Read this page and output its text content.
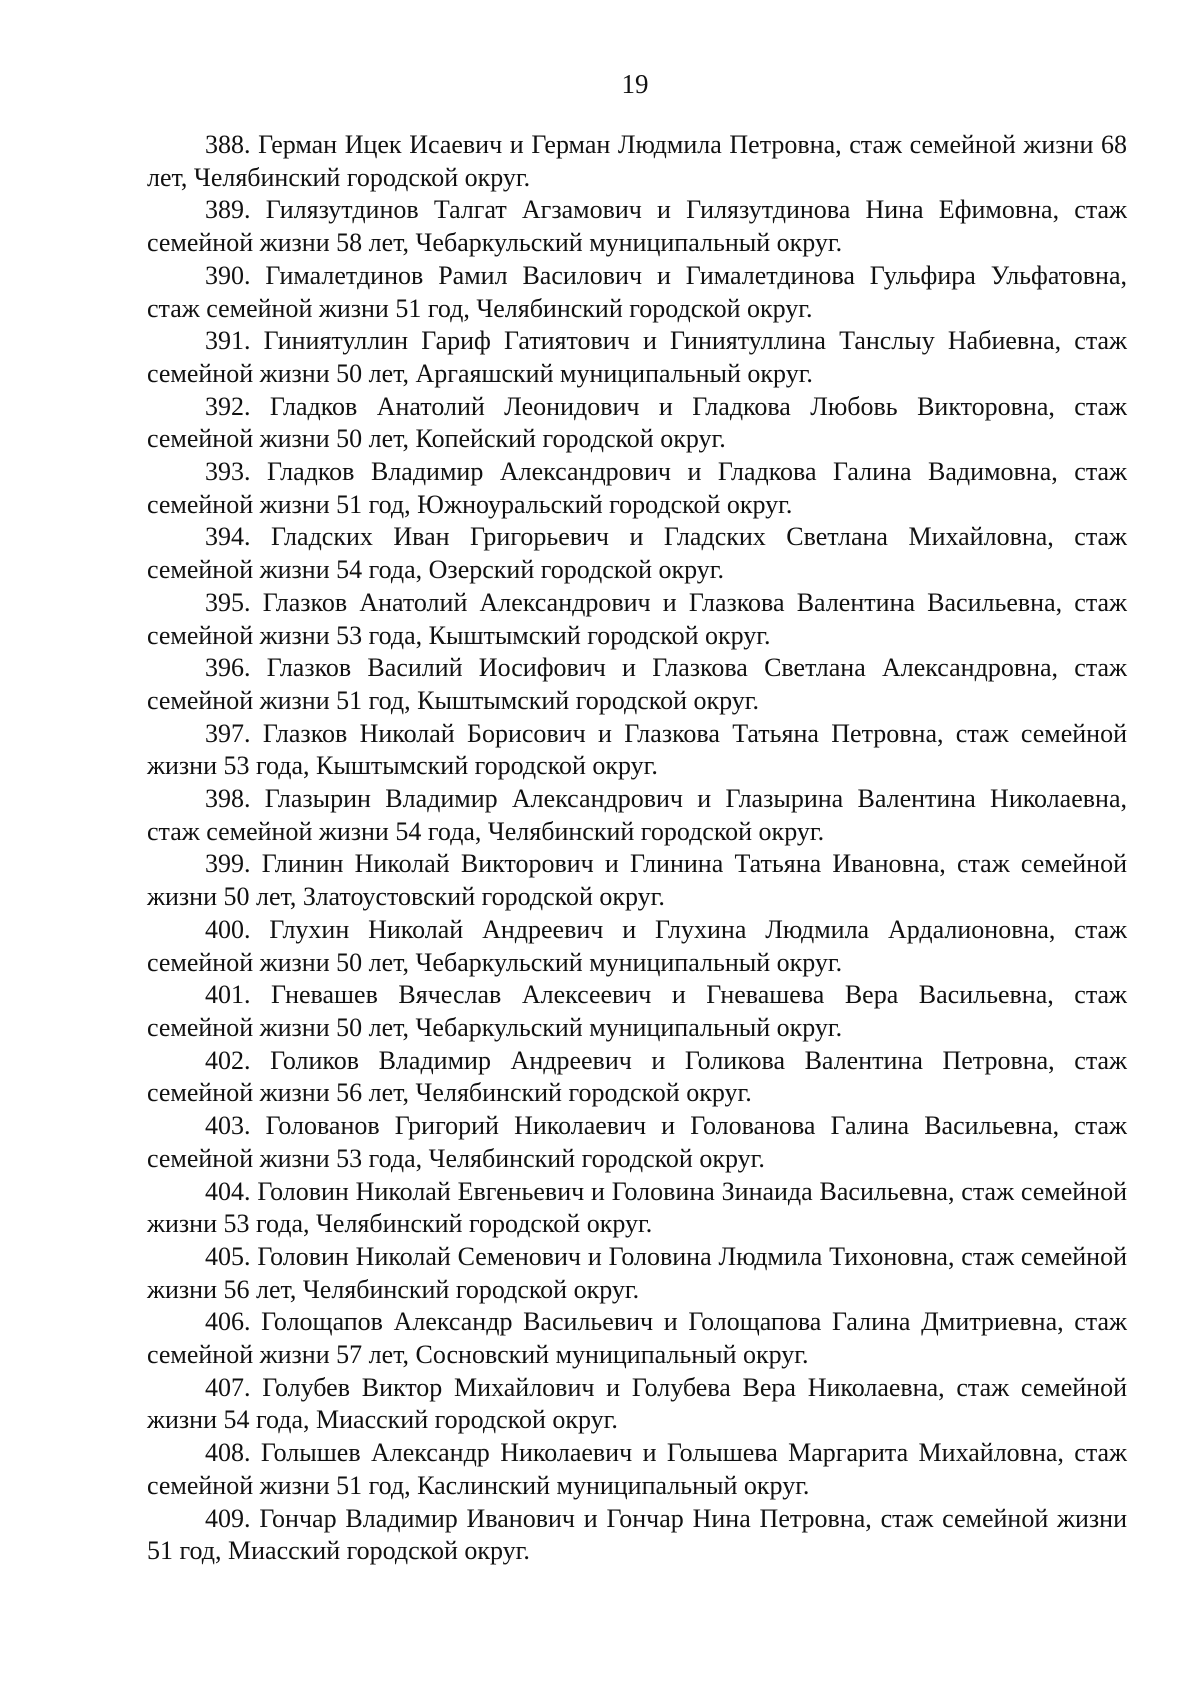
19

388. Герман Ицек Исаевич и Герман Людмила Петровна, стаж семейной жизни 68 лет, Челябинский городской округ.

389. Гилязутдинов Талгат Агзамович и Гилязутдинова Нина Ефимовна, стаж семейной жизни 58 лет, Чебаркульский муниципальный округ.

390. Гималетдинов Рамил Василович и Гималетдинова Гульфира Ульфатовна, стаж семейной жизни 51 год, Челябинский городской округ.

391. Гиниятуллин Гариф Гатиятович и Гиниятуллина Танслыу Набиевна, стаж семейной жизни 50 лет, Аргаяшский муниципальный округ.

392. Гладков Анатолий Леонидович и Гладкова Любовь Викторовна, стаж семейной жизни 50 лет, Копейский городской округ.

393. Гладков Владимир Александрович и Гладкова Галина Вадимовна, стаж семейной жизни 51 год, Южноуральский городской округ.

394. Гладских Иван Григорьевич и Гладских Светлана Михайловна, стаж семейной жизни 54 года, Озерский городской округ.

395. Глазков Анатолий Александрович и Глазкова Валентина Васильевна, стаж семейной жизни 53 года, Кыштымский городской округ.

396. Глазков Василий Иосифович и Глазкова Светлана Александровна, стаж семейной жизни 51 год, Кыштымский городской округ.

397. Глазков Николай Борисович и Глазкова Татьяна Петровна, стаж семейной жизни 53 года, Кыштымский городской округ.

398. Глазырин Владимир Александрович и Глазырина Валентина Николаевна, стаж семейной жизни 54 года, Челябинский городской округ.

399. Глинин Николай Викторович и Глинина Татьяна Ивановна, стаж семейной жизни 50 лет, Златоустовский городской округ.

400. Глухин Николай Андреевич и Глухина Людмила Ардалионовна, стаж семейной жизни 50 лет, Чебаркульский муниципальный округ.

401. Гневашев Вячеслав Алексеевич и Гневашева Вера Васильевна, стаж семейной жизни 50 лет, Чебаркульский муниципальный округ.

402. Голиков Владимир Андреевич и Голикова Валентина Петровна, стаж семейной жизни 56 лет, Челябинский городской округ.

403. Голованов Григорий Николаевич и Голованова Галина Васильевна, стаж семейной жизни 53 года, Челябинский городской округ.

404. Головин Николай Евгеньевич и Головина Зинаида Васильевна, стаж семейной жизни 53 года, Челябинский городской округ.

405. Головин Николай Семенович и Головина Людмила Тихоновна, стаж семейной жизни 56 лет, Челябинский городской округ.

406. Голощапов Александр Васильевич и Голощапова Галина Дмитриевна, стаж семейной жизни 57 лет, Сосновский муниципальный округ.

407. Голубев Виктор Михайлович и Голубева Вера Николаевна, стаж семейной жизни 54 года, Миасский городской округ.

408. Голышев Александр Николаевич и Голышева Маргарита Михайловна, стаж семейной жизни 51 год, Каслинский муниципальный округ.

409. Гончар Владимир Иванович и Гончар Нина Петровна, стаж семейной жизни 51 год, Миасский городской округ.
